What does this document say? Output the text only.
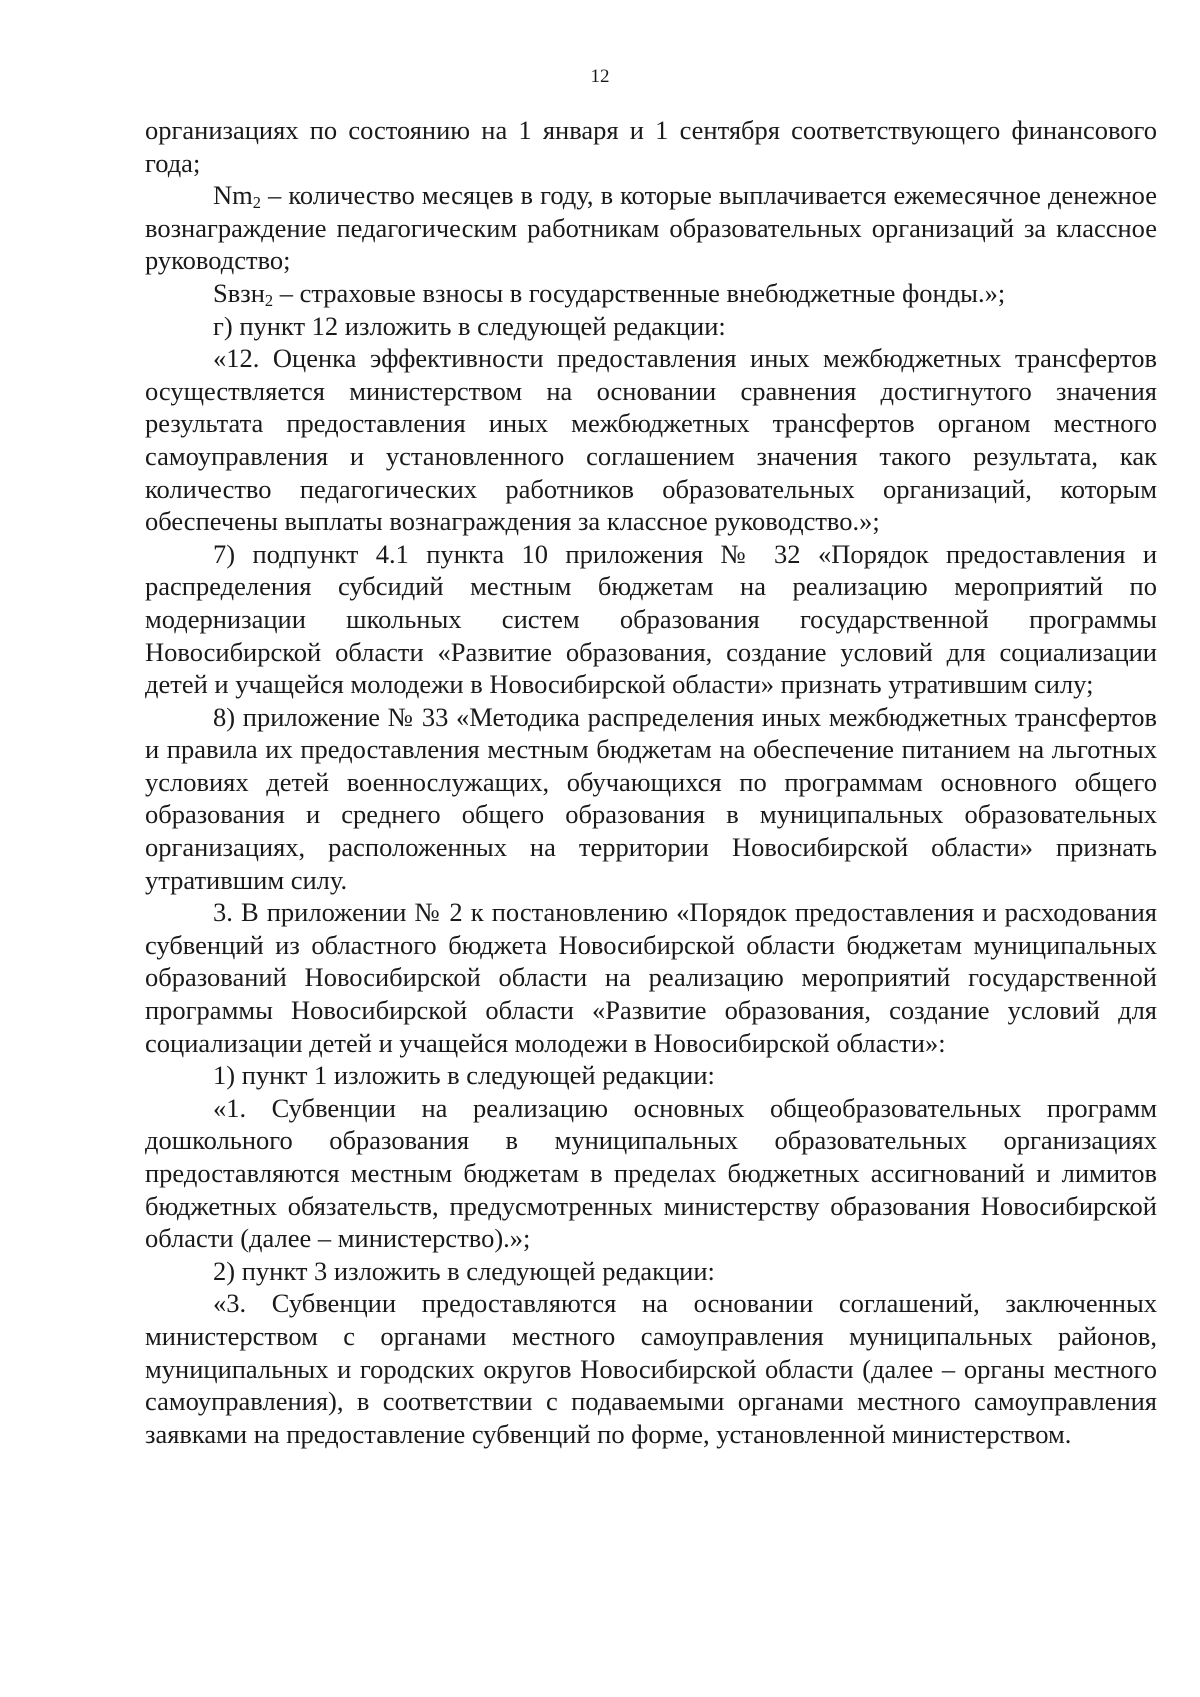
12

организациях по состоянию на 1 января и 1 сентября соответствующего финансового года;

$Nm_2$ – количество месяцев в году, в которые выплачивается ежемесячное денежное вознаграждение педагогическим работникам образовательных организаций за классное руководство;

Sвзн$_2$ – страховые взносы в государственные внебюджетные фонды.»;

г) пункт 12 изложить в следующей редакции:

«12. Оценка эффективности предоставления иных межбюджетных трансфертов осуществляется министерством на основании сравнения достигнутого значения результата предоставления иных межбюджетных трансфертов органом местного самоуправления и установленного соглашением значения такого результата, как количество педагогических работников образовательных организаций, которым обеспечены выплаты вознаграждения за классное руководство.»;

7) подпункт 4.1 пункта 10 приложения № 32 «Порядок предоставления и распределения субсидий местным бюджетам на реализацию мероприятий по модернизации школьных систем образования государственной программы Новосибирской области «Развитие образования, создание условий для социализации детей и учащейся молодежи в Новосибирской области» признать утратившим силу;

8) приложение № 33 «Методика распределения иных межбюджетных трансфертов и правила их предоставления местным бюджетам на обеспечение питанием на льготных условиях детей военнослужащих, обучающихся по программам основного общего образования и среднего общего образования в муниципальных образовательных организациях, расположенных на территории Новосибирской области» признать утратившим силу.

3. В приложении № 2 к постановлению «Порядок предоставления и расходования субвенций из областного бюджета Новосибирской области бюджетам муниципальных образований Новосибирской области на реализацию мероприятий государственной программы Новосибирской области «Развитие образования, создание условий для социализации детей и учащейся молодежи в Новосибирской области»:

1) пункт 1 изложить в следующей редакции:

«1. Субвенции на реализацию основных общеобразовательных программ дошкольного образования в муниципальных образовательных организациях предоставляются местным бюджетам в пределах бюджетных ассигнований и лимитов бюджетных обязательств, предусмотренных министерству образования Новосибирской области (далее – министерство).»;

2) пункт 3 изложить в следующей редакции:

«3. Субвенции предоставляются на основании соглашений, заключенных министерством с органами местного самоуправления муниципальных районов, муниципальных и городских округов Новосибирской области (далее – органы местного самоуправления), в соответствии с подаваемыми органами местного самоуправления заявками на предоставление субвенций по форме, установленной министерством.
